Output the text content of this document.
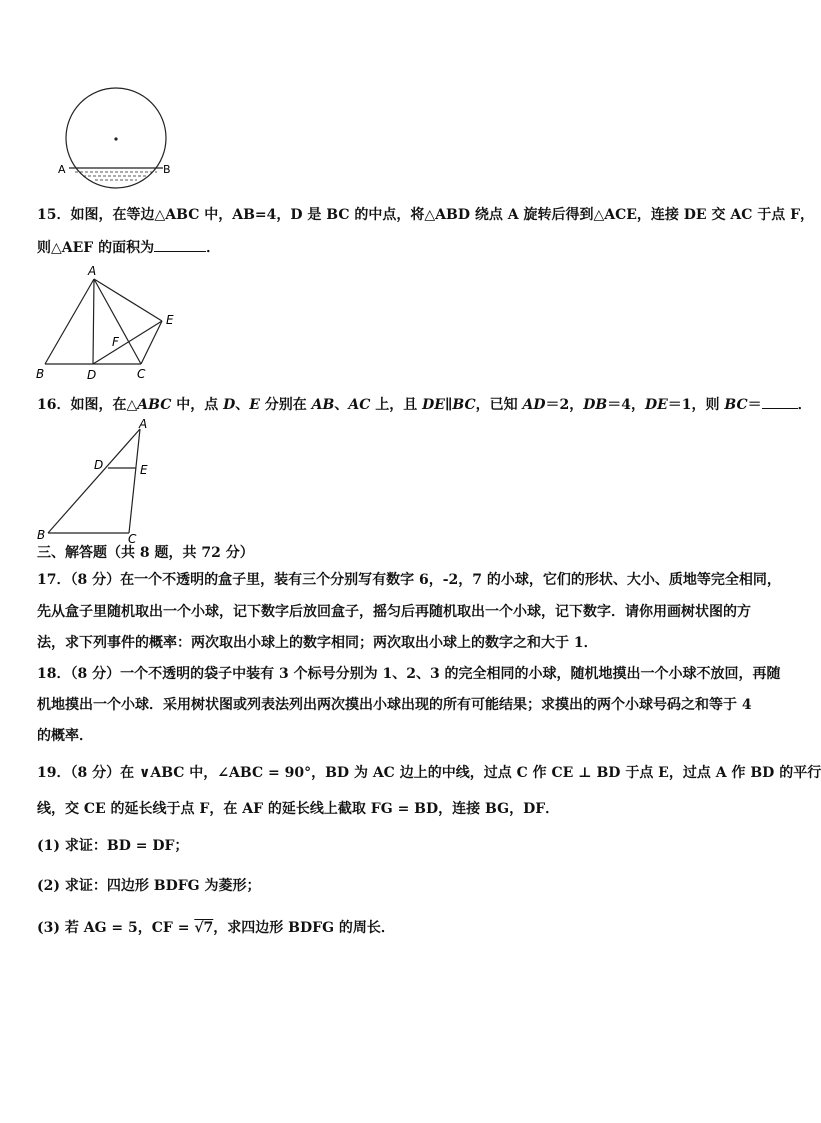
A	B
15．如图，在等边△ABC 中，AB=4，D 是 BC 的中点，将△ABD 绕点 A 旋转后得到△ACE，连接 DE 交 AC 于点 F，
则△AEF 的面积为	．
A
B	C
D
E
F
16．如图，在△ABC 中，点 D、E 分别在 AB、AC 上，且 DE∥BC，已知 AD＝2，DB＝4，DE＝1，则 BC＝	．
A
B	C
D	E
三、解答题（共 8 题，共 72 分）
17．（8 分）在一个不透明的盒子里，装有三个分别写有数字 6，-2，7 的小球，它们的形状、大小、质地等完全相同，
先从盒子里随机取出一个小球，记下数字后放回盒子，摇匀后再随机取出一个小球，记下数字．请你用画树状图的方
法，求下列事件的概率：两次取出小球上的数字相同；两次取出小球上的数字之和大于 1．
18．（8 分）一个不透明的袋子中装有 3 个标号分别为 1、2、3 的完全相同的小球，随机地摸出一个小球不放回，再随
机地摸出一个小球．采用树状图或列表法列出两次摸出小球出现的所有可能结果；求摸出的两个小球号码之和等于 4
的概率．
19．（8 分）在 ∨ABC 中，∠ABC = 90°，BD 为 AC 边上的中线，过点 C 作 CE ⊥ BD 于点 E，过点 A 作 BD 的平行
线，交 CE 的延长线于点 F，在 AF 的延长线上截取 FG = BD，连接 BG，DF．
(1) 求证：BD = DF；
(2) 求证：四边形 BDFG 为菱形；
(3) 若 AG = 5，CF = √7，求四边形 BDFG 的周长．
